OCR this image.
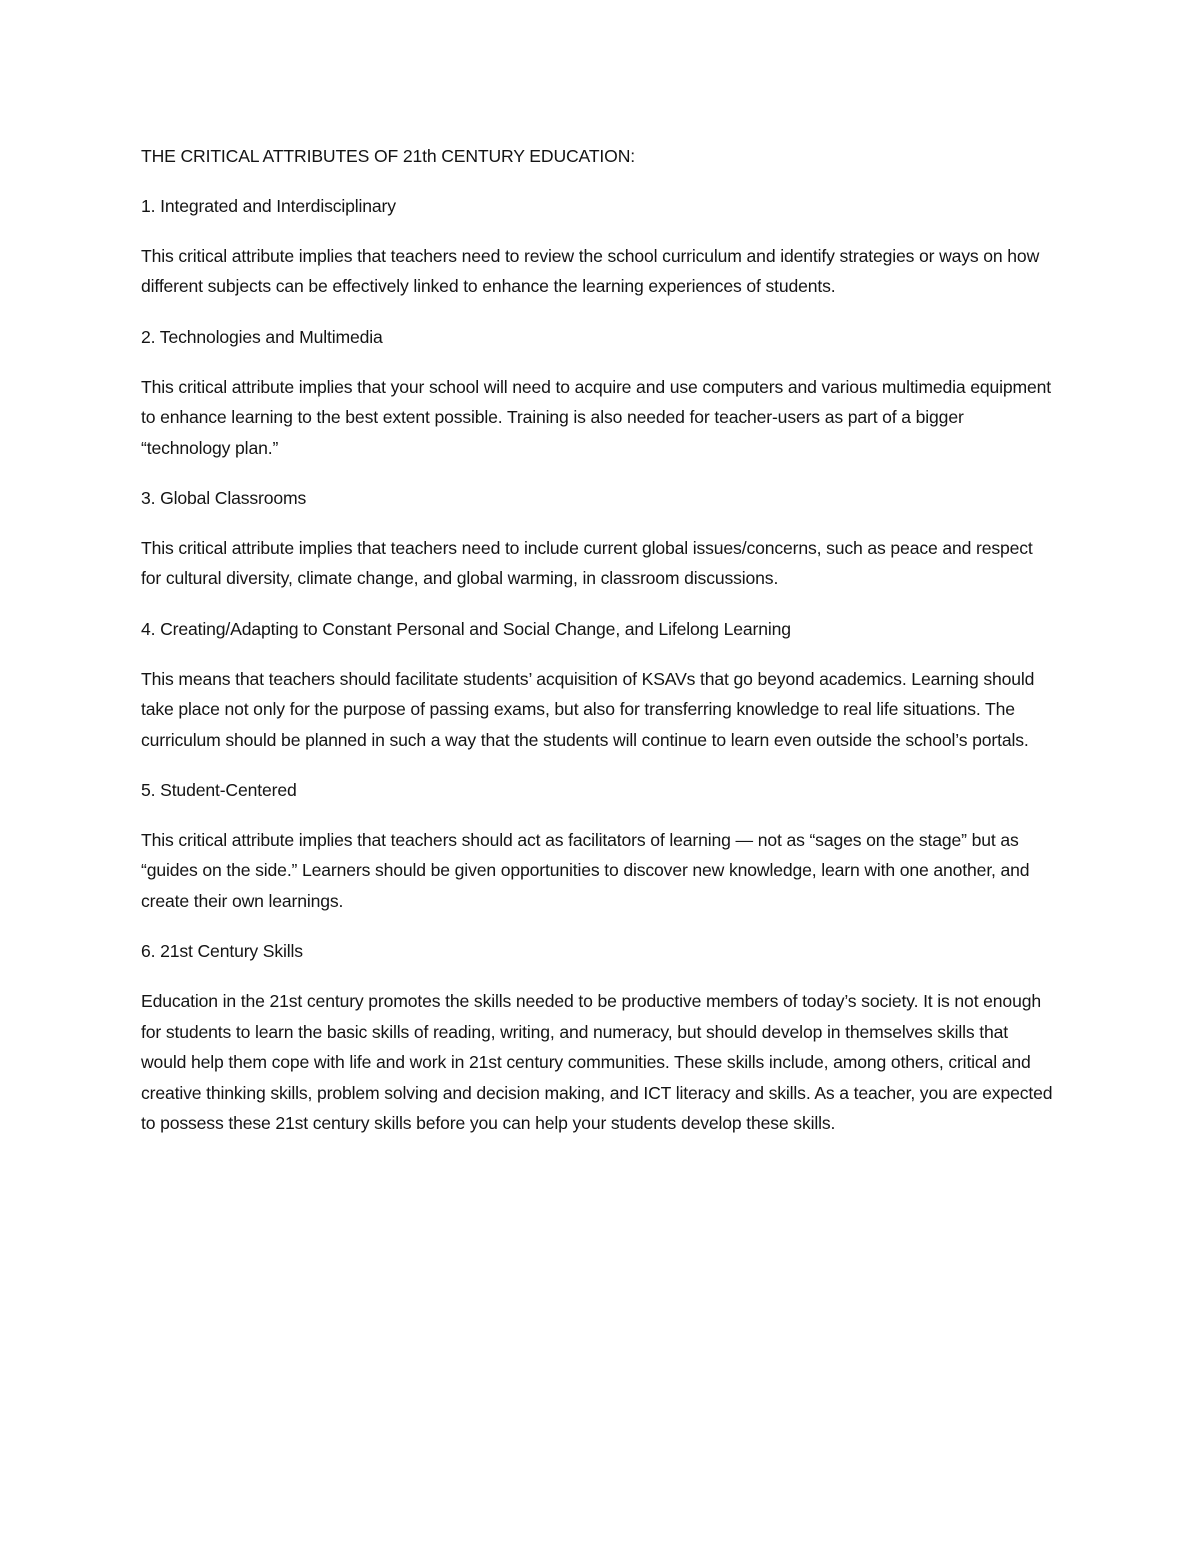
THE CRITICAL ATTRIBUTES OF 21th CENTURY EDUCATION:

1. Integrated and Interdisciplinary

This critical attribute implies that teachers need to review the school curriculum and identify strategies or ways on how different subjects can be effectively linked to enhance the learning experiences of students.

2. Technologies and Multimedia

This critical attribute implies that your school will need to acquire and use computers and various multimedia equipment to enhance learning to the best extent possible. Training is also needed for teacher-users as part of a bigger “technology plan.”

3. Global Classrooms

This critical attribute implies that teachers need to include current global issues/concerns, such as peace and respect for cultural diversity, climate change, and global warming, in classroom discussions.

4. Creating/Adapting to Constant Personal and Social Change, and Lifelong Learning

This means that teachers should facilitate students’ acquisition of KSAVs that go beyond academics. Learning should take place not only for the purpose of passing exams, but also for transferring knowledge to real life situations. The curriculum should be planned in such a way that the students will continue to learn even outside the school’s portals.

5. Student-Centered

This critical attribute implies that teachers should act as facilitators of learning — not as “sages on the stage” but as “guides on the side.” Learners should be given opportunities to discover new knowledge, learn with one another, and create their own learnings.

6. 21st Century Skills

Education in the 21st century promotes the skills needed to be productive members of today’s society. It is not enough for students to learn the basic skills of reading, writing, and numeracy, but should develop in themselves skills that would help them cope with life and work in 21st century communities. These skills include, among others, critical and creative thinking skills, problem solving and decision making, and ICT literacy and skills. As a teacher, you are expected to possess these 21st century skills before you can help your students develop these skills.
